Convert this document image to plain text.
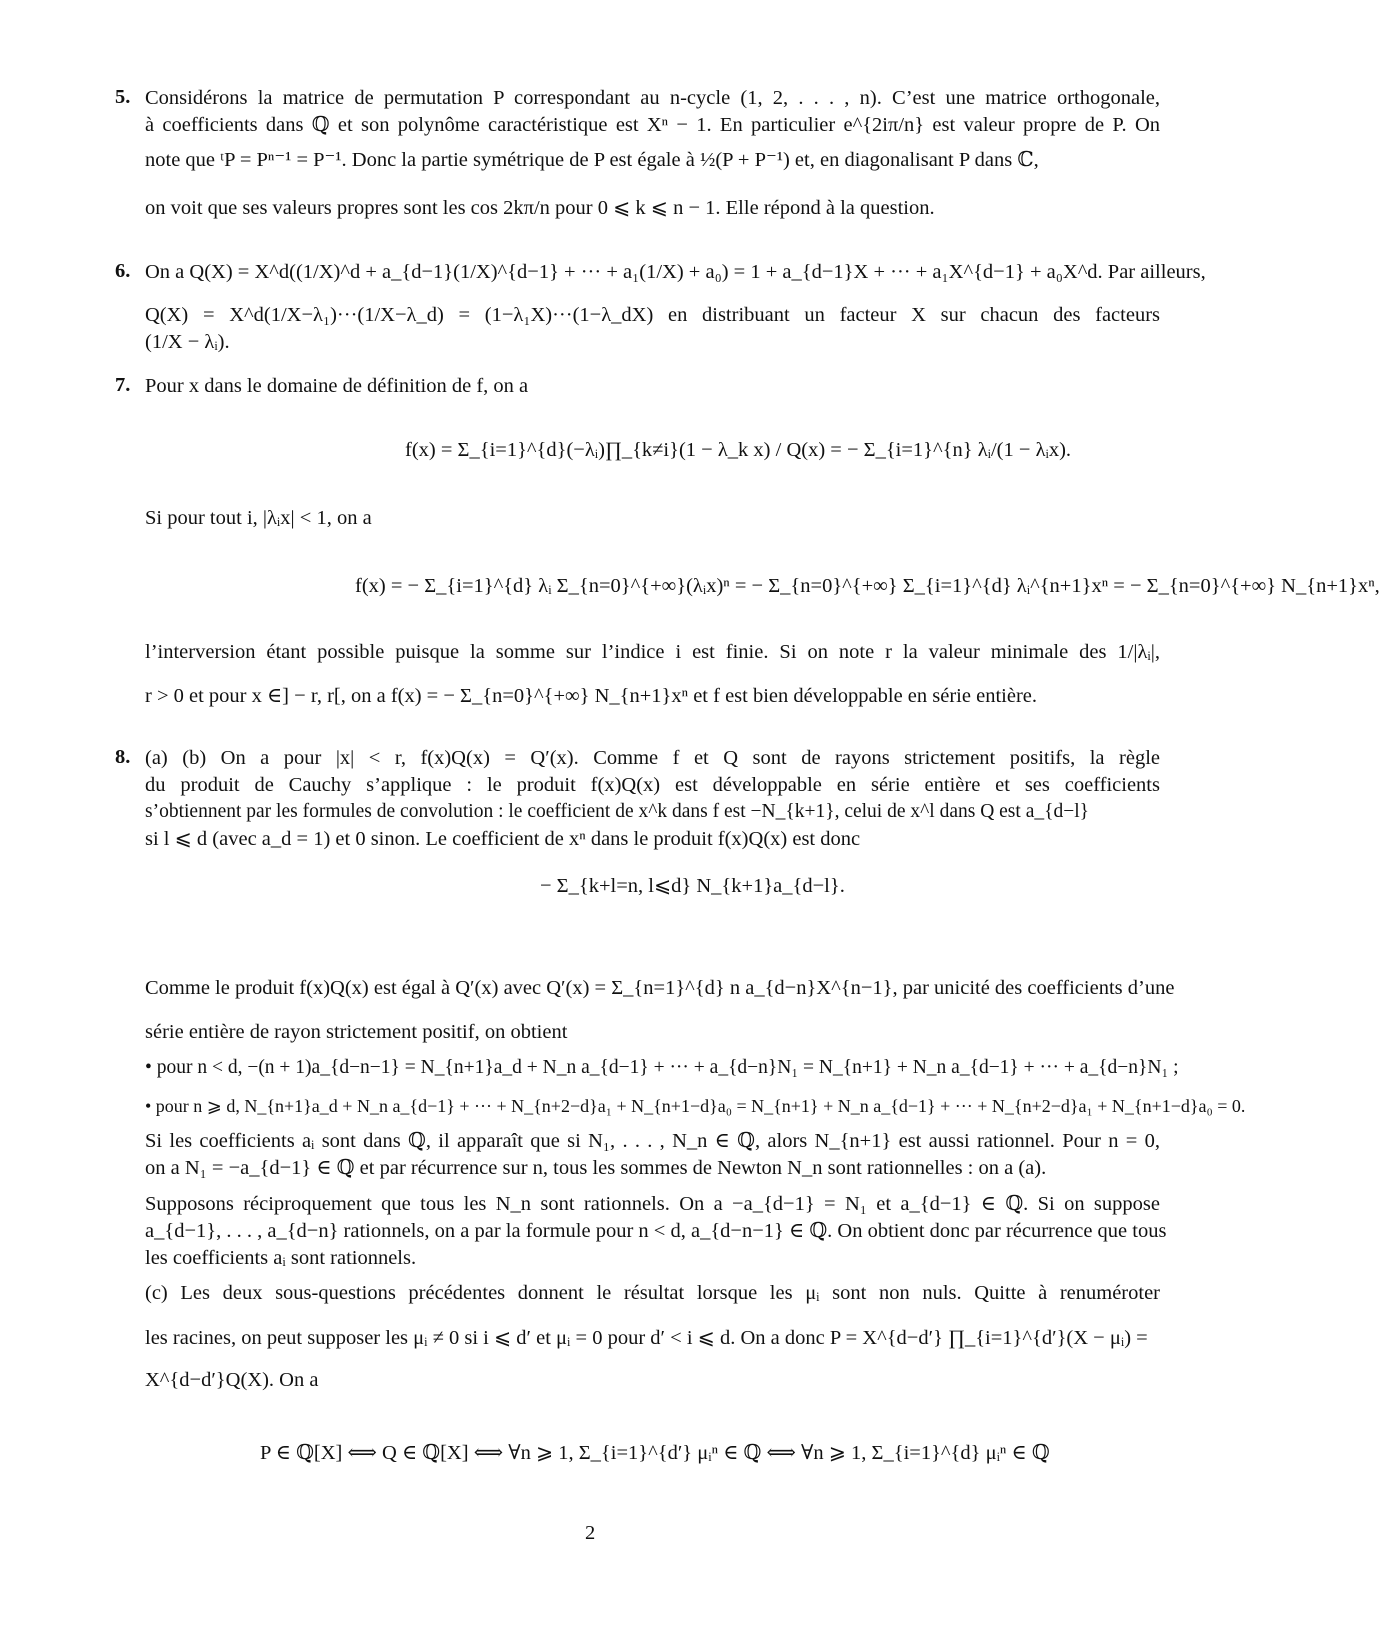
5. Considérons la matrice de permutation P correspondant au n-cycle (1, 2, . . . , n). C’est une matrice orthogonale,
à coefficients dans ℚ et son polynôme caractéristique est Xⁿ − 1. En particulier e^{2iπ/n} est valeur propre de P. On
note que ᵗP = Pⁿ⁻¹ = P⁻¹. Donc la partie symétrique de P est égale à ½(P + P⁻¹) et, en diagonalisant P dans ℂ,
on voit que ses valeurs propres sont les cos 2kπ/n pour 0 ⩽ k ⩽ n − 1. Elle répond à la question.
6. On a Q(X) = X^d((1/X)^d + a_{d−1}(1/X)^{d−1} + ··· + a₁(1/X) + a₀) = 1 + a_{d−1}X + ··· + a₁X^{d−1} + a₀X^d. Par ailleurs,
Q(X) = X^d(1/X−λ₁)···(1/X−λ_d) = (1−λ₁X)···(1−λ_dX) en distribuant un facteur X sur chacun des facteurs
(1/X − λᵢ).
7. Pour x dans le domaine de définition de f, on a
f(x) = Σ_{i=1}^{d}(−λᵢ)∏_{k≠i}(1 − λ_k x) / Q(x) = − Σ_{i=1}^{n} λᵢ/(1 − λᵢx).
Si pour tout i, |λᵢx| < 1, on a
f(x) = − Σ_{i=1}^{d} λᵢ Σ_{n=0}^{+∞}(λᵢx)ⁿ = − Σ_{n=0}^{+∞} Σ_{i=1}^{d} λᵢ^{n+1}xⁿ = − Σ_{n=0}^{+∞} N_{n+1}xⁿ,
l’interversion étant possible puisque la somme sur l’indice i est finie. Si on note r la valeur minimale des 1/|λᵢ|,
r > 0 et pour x ∈] − r, r[, on a f(x) = − Σ_{n=0}^{+∞} N_{n+1}xⁿ et f est bien développable en série entière.
8. (a) (b) On a pour |x| < r, f(x)Q(x) = Q′(x). Comme f et Q sont de rayons strictement positifs, la règle
du produit de Cauchy s’applique : le produit f(x)Q(x) est développable en série entière et ses coefficients
s’obtiennent par les formules de convolution : le coefficient de x^k dans f est −N_{k+1}, celui de x^l dans Q est a_{d−l}
si l ⩽ d (avec a_d = 1) et 0 sinon. Le coefficient de xⁿ dans le produit f(x)Q(x) est donc
− Σ_{k+l=n, l⩽d} N_{k+1}a_{d−l}.
Comme le produit f(x)Q(x) est égal à Q′(x) avec Q′(x) = Σ_{n=1}^{d} n a_{d−n}X^{n−1}, par unicité des coefficients d’une
série entière de rayon strictement positif, on obtient
• pour n < d, −(n + 1)a_{d−n−1} = N_{n+1}a_d + N_n a_{d−1} + ··· + a_{d−n}N₁ = N_{n+1} + N_n a_{d−1} + ··· + a_{d−n}N₁ ;
• pour n ⩾ d, N_{n+1}a_d + N_n a_{d−1} + ··· + N_{n+2−d}a₁ + N_{n+1−d}a₀ = N_{n+1} + N_n a_{d−1} + ··· + N_{n+2−d}a₁ + N_{n+1−d}a₀ = 0.
Si les coefficients aᵢ sont dans ℚ, il apparaît que si N₁, . . . , N_n ∈ ℚ, alors N_{n+1} est aussi rationnel. Pour n = 0,
on a N₁ = −a_{d−1} ∈ ℚ et par récurrence sur n, tous les sommes de Newton N_n sont rationnelles : on a (a).
Supposons réciproquement que tous les N_n sont rationnels. On a −a_{d−1} = N₁ et a_{d−1} ∈ ℚ. Si on suppose
a_{d−1}, . . . , a_{d−n} rationnels, on a par la formule pour n < d, a_{d−n−1} ∈ ℚ. On obtient donc par récurrence que tous
les coefficients aᵢ sont rationnels.
(c) Les deux sous-questions précédentes donnent le résultat lorsque les μᵢ sont non nuls. Quitte à renuméroter
les racines, on peut supposer les μᵢ ≠ 0 si i ⩽ d′ et μᵢ = 0 pour d′ < i ⩽ d. On a donc P = X^{d−d′} ∏_{i=1}^{d′}(X − μᵢ) =
X^{d−d′}Q(X). On a
P ∈ ℚ[X] ⟺ Q ∈ ℚ[X] ⟺ ∀n ⩾ 1, Σ_{i=1}^{d′} μᵢⁿ ∈ ℚ ⟺ ∀n ⩾ 1, Σ_{i=1}^{d} μᵢⁿ ∈ ℚ
2
